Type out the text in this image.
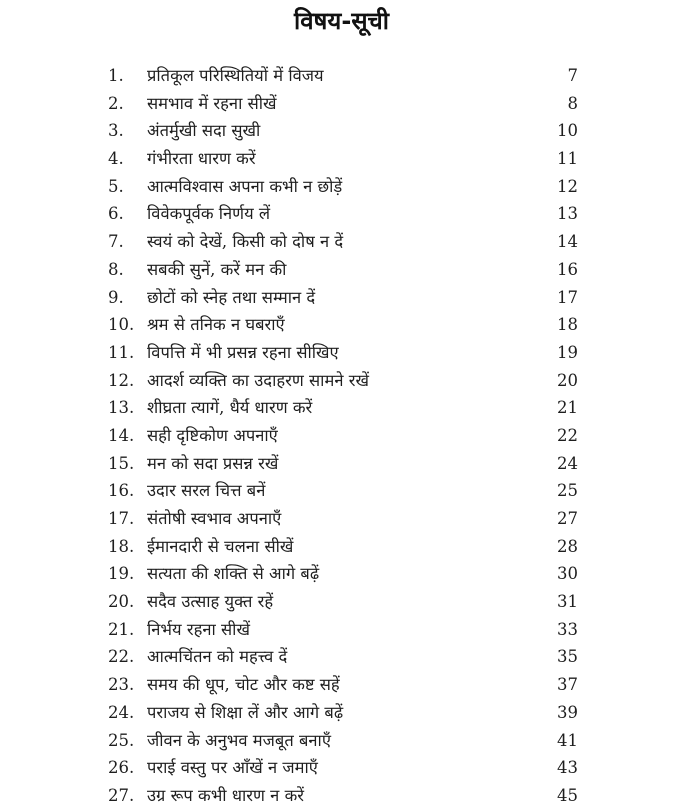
विषय-सूची
1. प्रतिकूल परिस्थितियों में विजय	7
2. समभाव में रहना सीखें	8
3. अंतर्मुखी सदा सुखी	10
4. गंभीरता धारण करें	11
5. आत्मविश्वास अपना कभी न छोड़ें	12
6. विवेकपूर्वक निर्णय लें	13
7. स्वयं को देखें, किसी को दोष न दें	14
8. सबकी सुनें, करें मन की	16
9. छोटों को स्नेह तथा सम्मान दें	17
10. श्रम से तनिक न घबराएँ	18
11. विपत्ति में भी प्रसन्न रहना सीखिए	19
12. आदर्श व्यक्ति का उदाहरण सामने रखें	20
13. शीघ्रता त्यागें, धैर्य धारण करें	21
14. सही दृष्टिकोण अपनाएँ	22
15. मन को सदा प्रसन्न रखें	24
16. उदार सरल चित्त बनें	25
17. संतोषी स्वभाव अपनाएँ	27
18. ईमानदारी से चलना सीखें	28
19. सत्यता की शक्ति से आगे बढ़ें	30
20. सदैव उत्साह युक्त रहें	31
21. निर्भय रहना सीखें	33
22. आत्मचिंतन को महत्त्व दें	35
23. समय की धूप, चोट और कष्ट सहें	37
24. पराजय से शिक्षा लें और आगे बढ़ें	39
25. जीवन के अनुभव मजबूत बनाएँ	41
26. पराई वस्तु पर आँखें न जमाएँ	43
27. उग्र रूप कभी धारण न करें	45
